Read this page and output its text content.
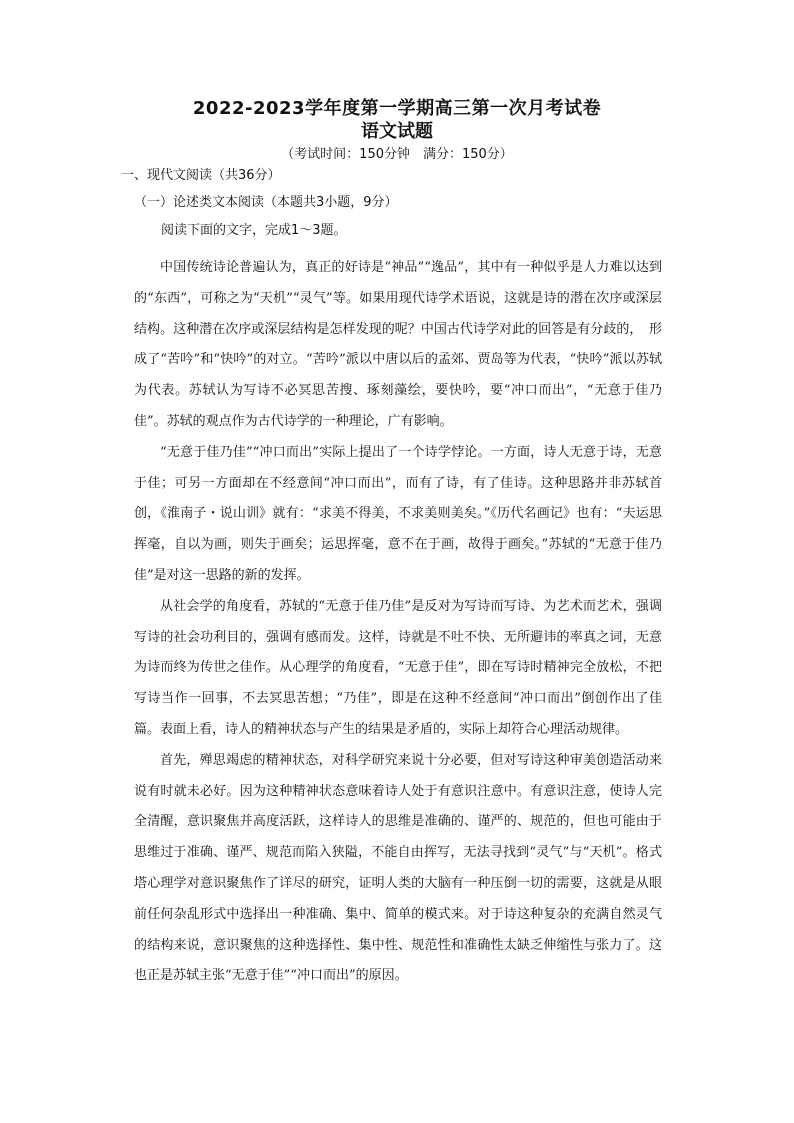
2022-2023学年度第一学期高三第一次月考试卷
语文试题
（考试时间：150分钟　满分：150分）
一、现代文阅读（共36分）
（一）论述类文本阅读（本题共3小题，9分）
阅读下面的文字，完成1～3题。

中国传统诗论普遍认为，真正的好诗是“神品”“逸品”，其中有一种似乎是人力难以达到的“东西”，可称之为“天机”“灵气”等。如果用现代诗学术语说，这就是诗的潜在次序或深层结构。这种潜在次序或深层结构是怎样发现的呢？中国古代诗学对此的回答是有分歧的，　形成了“苦吟”和“快吟”的对立。“苦吟”派以中唐以后的孟郊、贾岛等为代表，“快吟”派以苏轼为代表。苏轼认为写诗不必冥思苦搜、琢刻藻绘，要快吟，要“冲口而出”，“无意于佳乃佳”。苏轼的观点作为古代诗学的一种理论，广有影响。

“无意于佳乃佳”“冲口而出”实际上提出了一个诗学悖论。一方面，诗人无意于诗，无意于佳；可另一方面却在不经意间“冲口而出”，而有了诗，有了佳诗。这种思路并非苏轼首创，《淮南子・说山训》就有：“求美不得美，不求美则美矣。”《历代名画记》也有：“夫运思挥毫，自以为画，则失于画矣；运思挥毫，意不在于画，故得于画矣。”苏轼的“无意于佳乃佳”是对这一思路的新的发挥。

从社会学的角度看，苏轼的“无意于佳乃佳”是反对为写诗而写诗、为艺术而艺术，强调写诗的社会功利目的，强调有感而发。这样，诗就是不吐不快、无所避讳的率真之词，无意为诗而终为传世之佳作。从心理学的角度看，“无意于佳”，即在写诗时精神完全放松，不把写诗当作一回事，不去冥思苦想；“乃佳”，即是在这种不经意间“冲口而出”倒创作出了佳篇。表面上看，诗人的精神状态与产生的结果是矛盾的，实际上却符合心理活动规律。

首先，殚思竭虑的精神状态，对科学研究来说十分必要，但对写诗这种审美创造活动来说有时就未必好。因为这种精神状态意味着诗人处于有意识注意中。有意识注意，使诗人完全清醒，意识聚焦并高度活跃，这样诗人的思维是准确的、谨严的、规范的，但也可能由于思维过于准确、谨严、规范而陷入狭隘，不能自由挥写，无法寻找到“灵气”与“天机”。格式塔心理学对意识聚焦作了详尽的研究，证明人类的大脑有一种压倒一切的需要，这就是从眼前任何杂乱形式中选择出一种准确、集中、简单的模式来。对于诗这种复杂的充满自然灵气的结构来说，意识聚焦的这种选择性、集中性、规范性和准确性太缺乏伸缩性与张力了。这也正是苏轼主张“无意于佳”“冲口而出”的原因。
